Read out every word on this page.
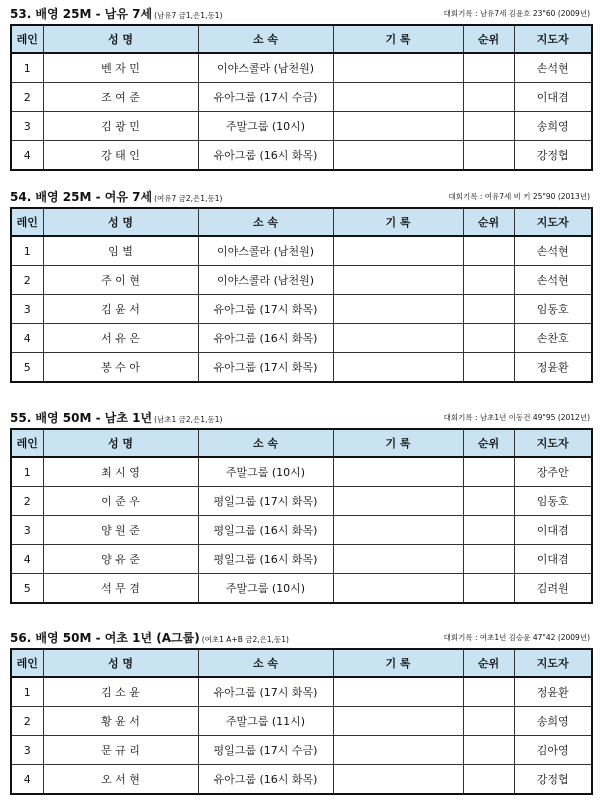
53. 배영 25M - 남유 7세 (남유7 금1,은1,동1)	대회기록 : 남유7세 김윤호 23"60 (2009년)
레인	성 명	소 속	기 록	순위	지도자
1	벤 자 민	이야스콜라 (남천원)			손석현
2	조 여 준	유아그룹 (17시 수금)			이대겸
3	김 광 민	주말그룹 (10시)			송희영
4	강 태 인	유아그룹 (16시 화목)			강정협
54. 배영 25M - 여유 7세 (여유7 금2,은1,동1)	대회기록 : 여유7세 비 키 25"90 (2013년)
레인	성 명	소 속	기 록	순위	지도자
1	임 별	이야스콜라 (남천원)			손석현
2	주 이 현	이야스콜라 (남천원)			손석현
3	김 윤 서	유아그룹 (17시 화목)			임동호
4	서 유 은	유아그룹 (16시 화목)			손찬호
5	봉 수 아	유아그룹 (17시 화목)			정윤환
55. 배영 50M - 남초 1년 (남초1 금2,은1,동1)	대회기록 : 남초1년 이동건 49"95 (2012년)
레인	성 명	소 속	기 록	순위	지도자
1	최 시 영	주말그룹 (10시)			장주안
2	이 준 우	평일그룹 (17시 화목)			임동호
3	양 원 준	평일그룹 (16시 화목)			이대겸
4	양 유 준	평일그룹 (16시 화목)			이대겸
5	석 무 겸	주말그룹 (10시)			김려원
56. 배영 50M - 여초 1년 (A그룹) (여초1 A+B 금2,은1,동1)	대회기록 : 여초1년 김승윤 47"42 (2009년)
레인	성 명	소 속	기 록	순위	지도자
1	김 소 윤	유아그룹 (17시 화목)			정윤환
2	황 윤 서	주말그룹 (11시)			송희영
3	문 규 리	평일그룹 (17시 수금)			김아영
4	오 서 현	유아그룹 (16시 화목)			강정협
